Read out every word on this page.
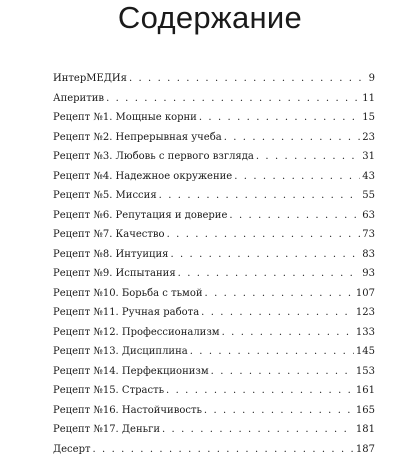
Содержание
ИнтерМЕДИя . . .	9
Аперитив . . .	11
Рецепт №1. Мощные корни . . .	15
Рецепт №2. Непрерывная учеба . . .	23
Рецепт №3. Любовь с первого взгляда . . .	31
Рецепт №4. Надежное окружение . . .	43
Рецепт №5. Миссия . . .	55
Рецепт №6. Репутация и доверие . . .	63
Рецепт №7. Качество . . .	73
Рецепт №8. Интуиция . . .	83
Рецепт №9. Испытания . . .	93
Рецепт №10. Борьба с тьмой . . .	107
Рецепт №11. Ручная работа . . .	123
Рецепт №12. Профессионализм . . .	133
Рецепт №13. Дисциплина . . .	145
Рецепт №14. Перфекционизм . . .	153
Рецепт №15. Страсть . . .	161
Рецепт №16. Настойчивость . . .	165
Рецепт №17. Деньги . . .	181
Десерт . . .	187
